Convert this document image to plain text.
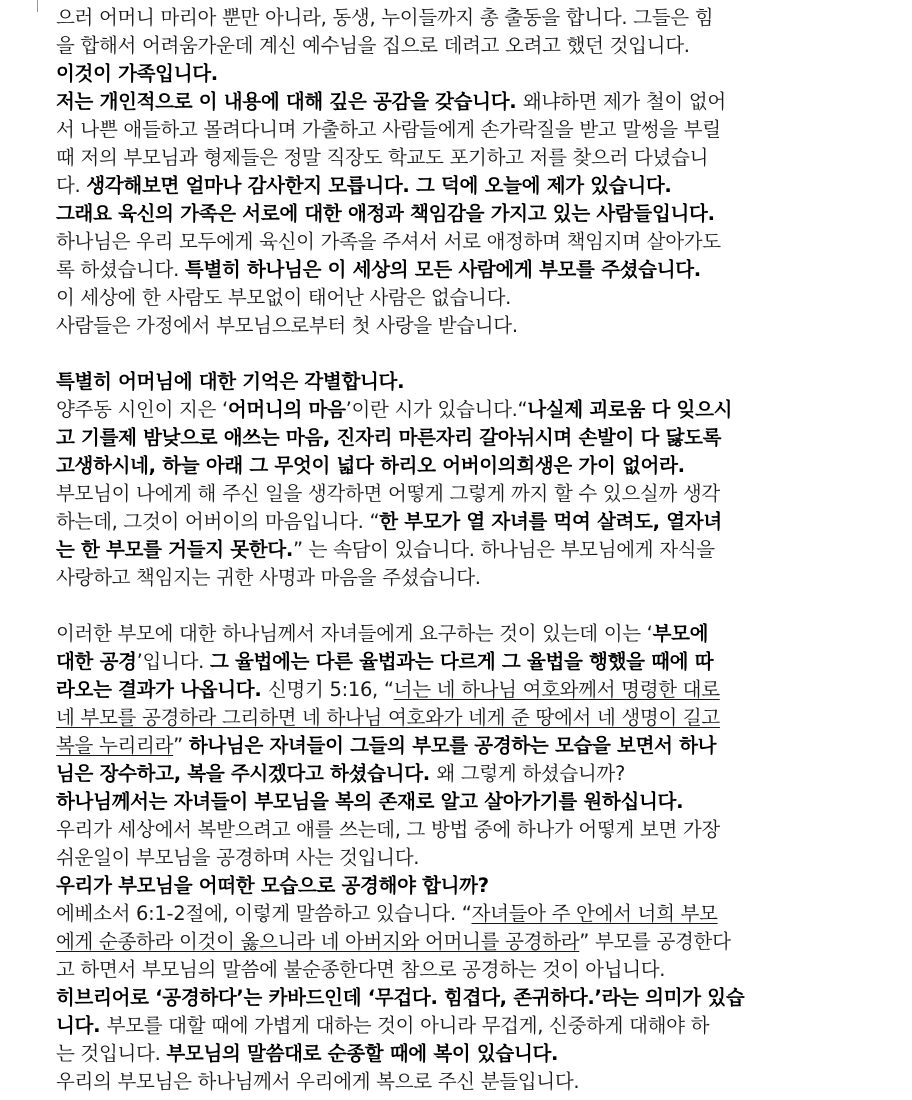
으러 어머니 마리아 뿐만 아니라, 동생, 누이들까지 총 출동을 합니다. 그들은 힘
을 합해서 어려움가운데 계신 예수님을 집으로 데려고 오려고 했던 것입니다.
이것이 가족입니다.
저는 개인적으로 이 내용에 대해 깊은 공감을 갖습니다. 왜냐하면 제가 철이 없어
서 나쁜 애들하고 몰려다니며 가출하고 사람들에게 손가락질을 받고 말썽을 부릴
때 저의 부모님과 형제들은 정말 직장도 학교도 포기하고 저를 찾으러 다녔습니
다. 생각해보면 얼마나 감사한지 모릅니다. 그 덕에 오늘에 제가 있습니다.
그래요 육신의 가족은 서로에 대한 애정과 책임감을 가지고 있는 사람들입니다.
하나님은 우리 모두에게 육신이 가족을 주셔서 서로 애정하며 책임지며 살아가도
록 하셨습니다. 특별히 하나님은 이 세상의 모든 사람에게 부모를 주셨습니다.
이 세상에 한 사람도 부모없이 태어난 사람은 없습니다.
사람들은 가정에서 부모님으로부터 첫 사랑을 받습니다.
특별히 어머님에 대한 기억은 각별합니다.
양주동 시인이 지은 ‘어머니의 마음’이란 시가 있습니다.“나실제 괴로움 다 잊으시
고 기를제 밤낮으로 애쓰는 마음, 진자리 마른자리 갈아뉘시며 손발이 다 닳도록
고생하시네, 하늘 아래 그 무엇이 넓다 하리오 어버이의희생은 가이 없어라.
부모님이 나에게 해 주신 일을 생각하면 어떻게 그렇게 까지 할 수 있으실까 생각
하는데, 그것이 어버이의 마음입니다. “한 부모가 열 자녀를 먹여 살려도, 열자녀
는 한 부모를 거들지 못한다.” 는 속담이 있습니다. 하나님은 부모님에게 자식을
사랑하고 책임지는 귀한 사명과 마음을 주셨습니다.
이러한 부모에 대한 하나님께서 자녀들에게 요구하는 것이 있는데 이는 ‘부모에
대한 공경’입니다. 그 율법에는 다른 율법과는 다르게 그 율법을 행했을 때에 따
라오는 결과가 나옵니다. 신명기 5:16, “너는 네 하나님 여호와께서 명령한 대로
네 부모를 공경하라 그리하면 네 하나님 여호와가 네게 준 땅에서 네 생명이 길고
복을 누리리라” 하나님은 자녀들이 그들의 부모를 공경하는 모습을 보면서 하나
님은 장수하고, 복을 주시겠다고 하셨습니다. 왜 그렇게 하셨습니까?
하나님께서는 자녀들이 부모님을 복의 존재로 알고 살아가기를 원하십니다.
우리가 세상에서 복받으려고 애를 쓰는데, 그 방법 중에 하나가 어떻게 보면 가장
쉬운일이 부모님을 공경하며 사는 것입니다.
우리가 부모님을 어떠한 모습으로 공경해야 합니까?
에베소서 6:1-2절에, 이렇게 말씀하고 있습니다. “자녀들아 주 안에서 너희 부모
에게 순종하라 이것이 옳으니라 네 아버지와 어머니를 공경하라” 부모를 공경한다
고 하면서 부모님의 말씀에 불순종한다면 참으로 공경하는 것이 아닙니다.
히브리어로 ‘공경하다’는 카바드인데 ‘무겁다. 힘겹다, 존귀하다.’라는 의미가 있습
니다. 부모를 대할 때에 가볍게 대하는 것이 아니라 무겁게, 신중하게 대해야 하
는 것입니다. 부모님의 말씀대로 순종할 때에 복이 있습니다.
우리의 부모님은 하나님께서 우리에게 복으로 주신 분들입니다.
